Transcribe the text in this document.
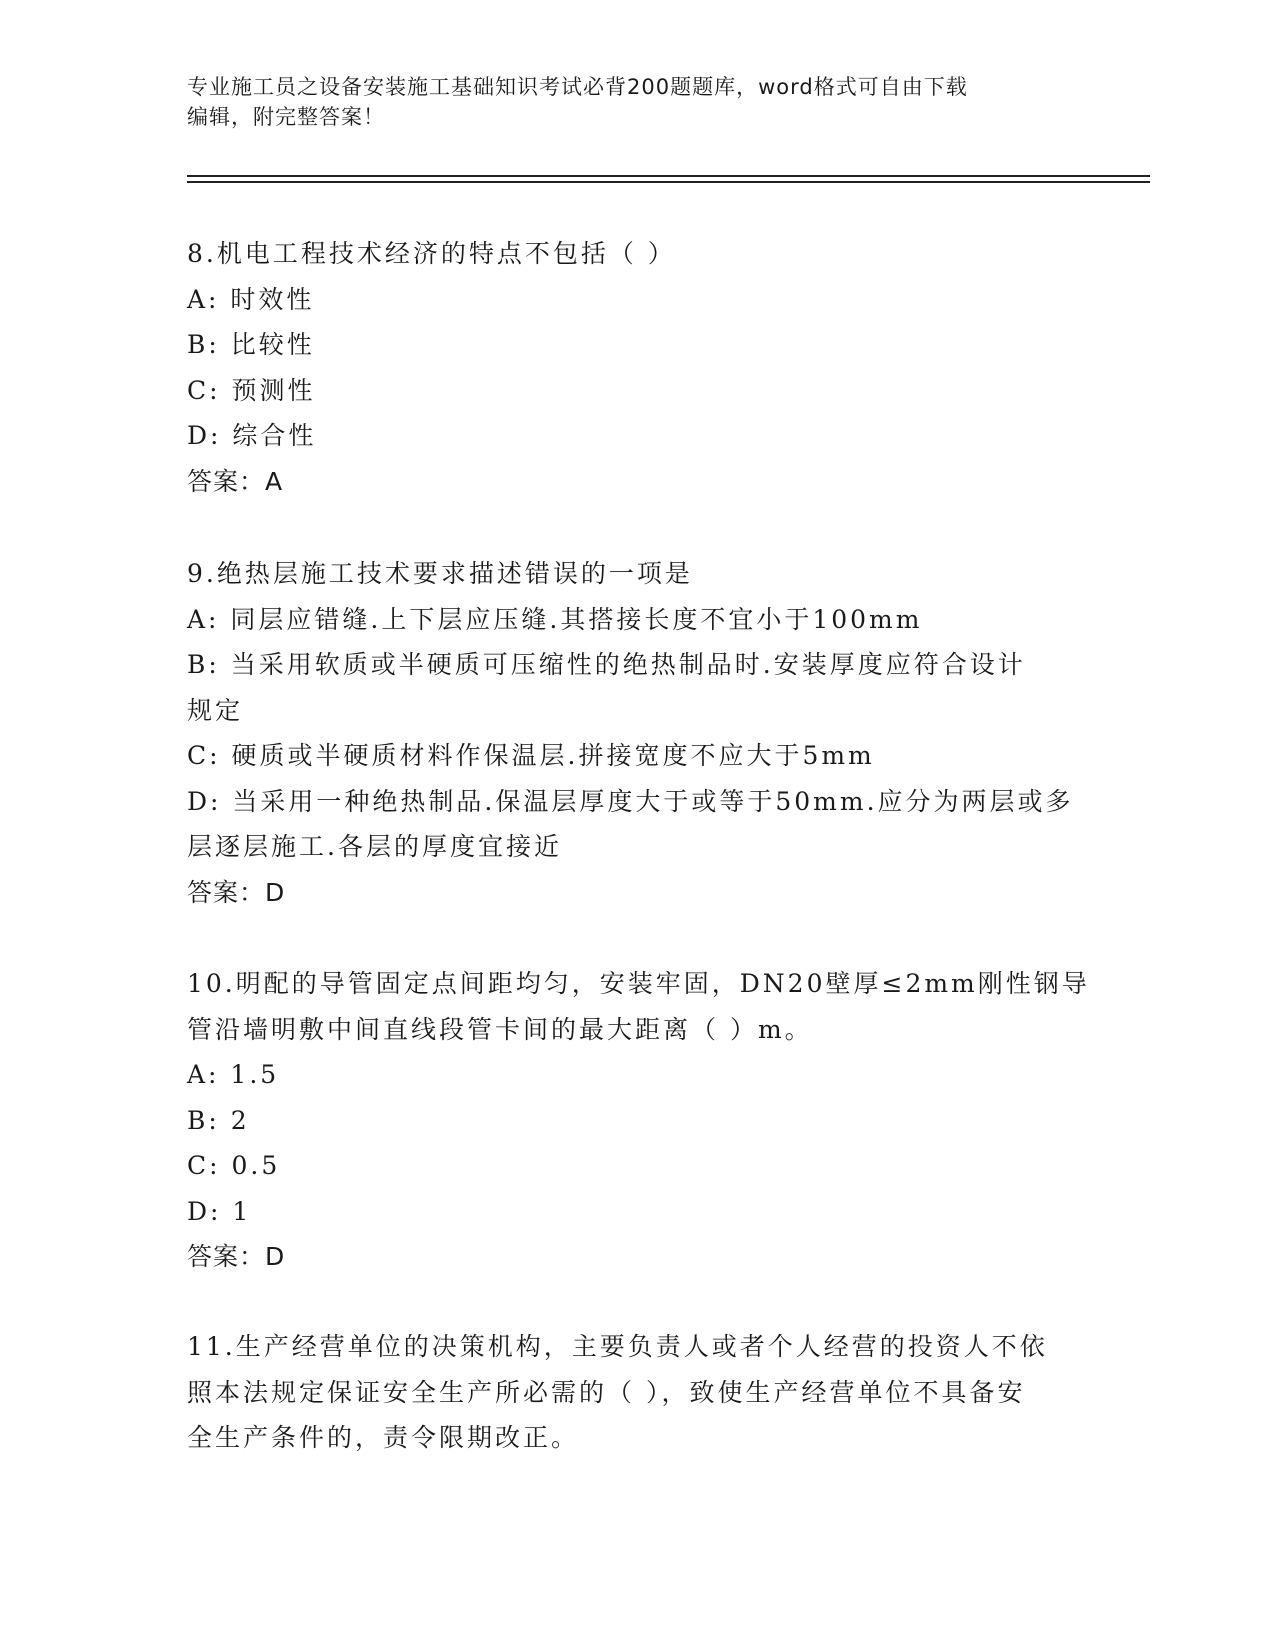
专业施工员之设备安装施工基础知识考试必背200题题库，word格式可自由下载
编辑，附完整答案！
8.机电工程技术经济的特点不包括（ ）
A: 时效性
B: 比较性
C: 预测性
D: 综合性
答案：A
9.绝热层施工技术要求描述错误的一项是
A: 同层应错缝.上下层应压缝.其搭接长度不宜小于100mm
B: 当采用软质或半硬质可压缩性的绝热制品时.安装厚度应符合设计
规定
C: 硬质或半硬质材料作保温层.拼接宽度不应大于5mm
D: 当采用一种绝热制品.保温层厚度大于或等于50mm.应分为两层或多
层逐层施工.各层的厚度宜接近
答案：D
10.明配的导管固定点间距均匀，安装牢固，DN20壁厚≤2mm刚性钢导
管沿墙明敷中间直线段管卡间的最大距离（ ）m。
A: 1.5
B: 2
C: 0.5
D: 1
答案：D
11.生产经营单位的决策机构，主要负责人或者个人经营的投资人不依
照本法规定保证安全生产所必需的（ ），致使生产经营单位不具备安
全生产条件的，责令限期改正。
